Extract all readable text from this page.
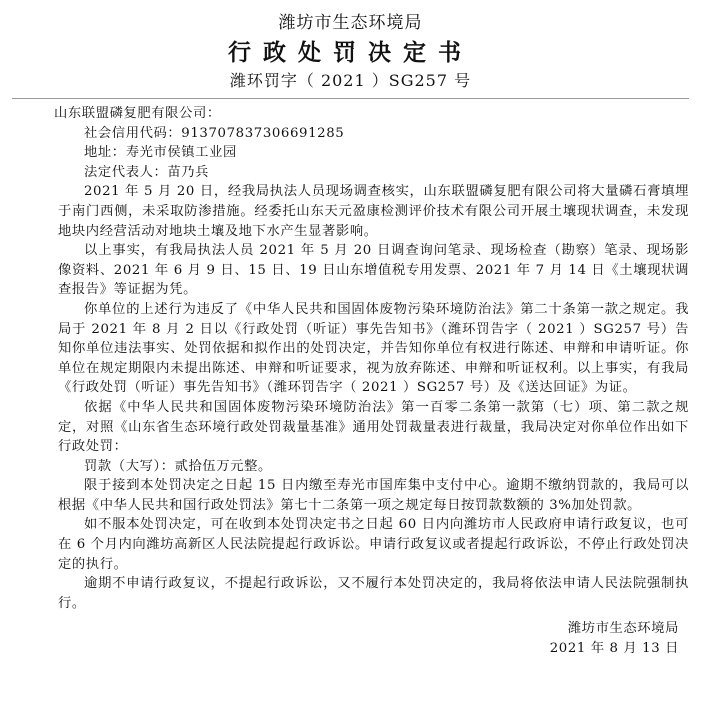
潍坊市生态环境局
行政处罚决定书
潍环罚字（ 2021 ）SG257 号

山东联盟磷复肥有限公司：

社会信用代码：913707837306691285

地址：寿光市侯镇工业园

法定代表人：苗乃兵

2021 年 5 月 20 日，经我局执法人员现场调查核实，山东联盟磷复肥有限公司将大量磷石膏填埋于南门西侧，未采取防渗措施。经委托山东天元盈康检测评价技术有限公司开展土壤现状调查，未发现地块内经营活动对地块土壤及地下水产生显著影响。

以上事实，有我局执法人员 2021 年 5 月 20 日调查询问笔录、现场检查（勘察）笔录、现场影像资料、2021 年 6 月 9 日、15 日、19 日山东增值税专用发票、2021 年 7 月 14 日《土壤现状调查报告》等证据为凭。

你单位的上述行为违反了《中华人民共和国固体废物污染环境防治法》第二十条第一款之规定。我局于 2021 年 8 月 2 日以《行政处罚（听证）事先告知书》（潍环罚告字（ 2021 ）SG257 号）告知你单位违法事实、处罚依据和拟作出的处罚决定，并告知你单位有权进行陈述、申辩和申请听证。你单位在规定期限内未提出陈述、申辩和听证要求，视为放弃陈述、申辩和听证权利。以上事实，有我局《行政处罚（听证）事先告知书》（潍环罚告字（ 2021 ）SG257 号）及《送达回证》为证。

依据《中华人民共和国固体废物污染环境防治法》第一百零二条第一款第（七）项、第二款之规定，对照《山东省生态环境行政处罚裁量基准》通用处罚裁量表进行裁量，我局决定对你单位作出如下行政处罚：

罚款（大写）：贰拾伍万元整。

限于接到本处罚决定之日起 15 日内缴至寿光市国库集中支付中心。逾期不缴纳罚款的，我局可以根据《中华人民共和国行政处罚法》第七十二条第一项之规定每日按罚款数额的 3%加处罚款。

如不服本处罚决定，可在收到本处罚决定书之日起 60 日内向潍坊市人民政府申请行政复议，也可在 6 个月内向潍坊高新区人民法院提起行政诉讼。申请行政复议或者提起行政诉讼，不停止行政处罚决定的执行。

逾期不申请行政复议，不提起行政诉讼，又不履行本处罚决定的，我局将依法申请人民法院强制执行。

潍坊市生态环境局

2021 年 8 月 13 日
